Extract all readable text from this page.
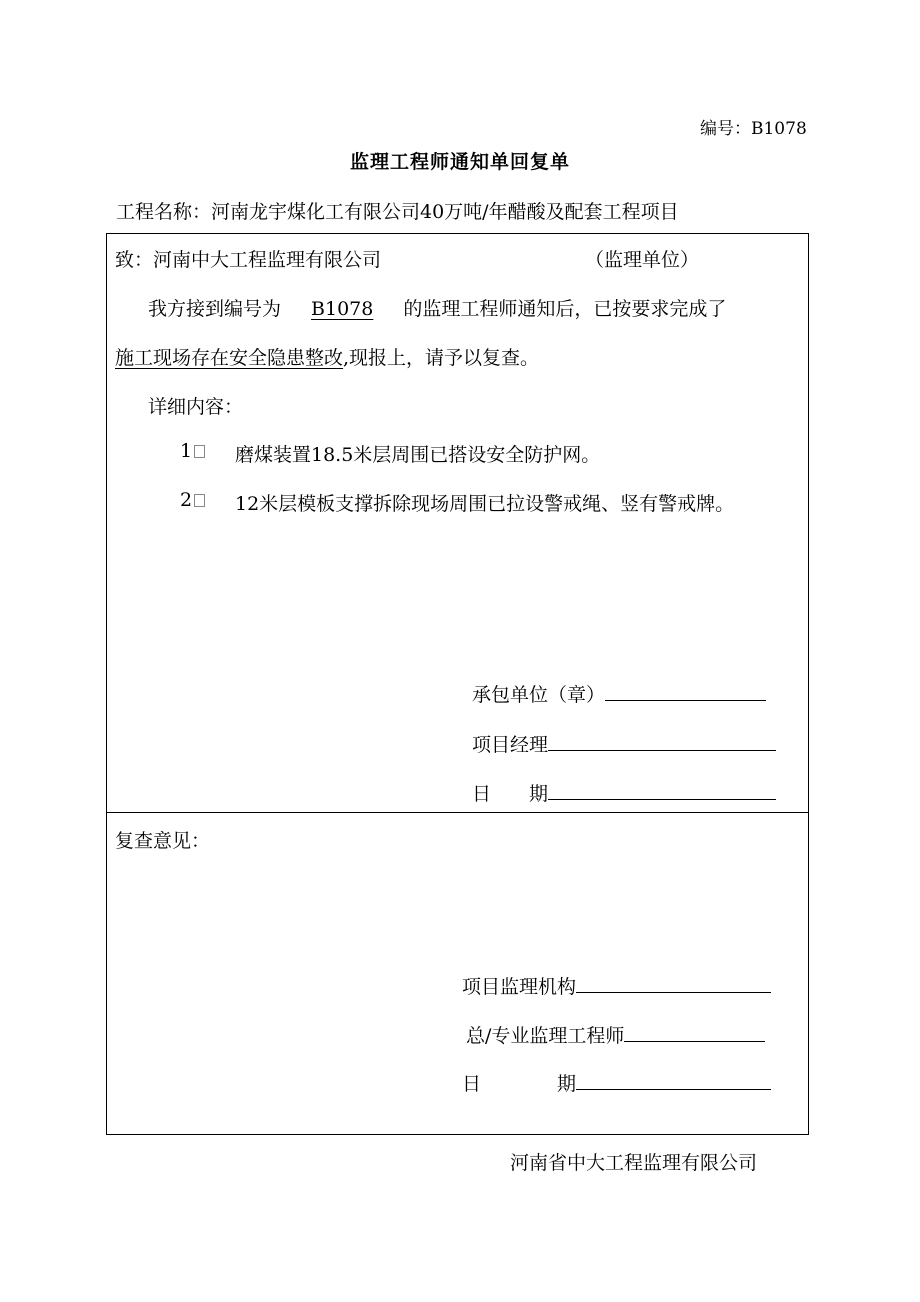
编号：B1078
监理工程师通知单回复单
工程名称：河南龙宇煤化工有限公司40万吨/年醋酸及配套工程项目
致：河南中大工程监理有限公司	（监理单位）
我方接到编号为 B1078 的监理工程师通知后，已按要求完成了
施工现场存在安全隐患整改,现报上，请予以复查。
详细内容：
1	磨煤装置18.5米层周围已搭设安全防护网。
2	12米层模板支撑拆除现场周围已拉设警戒绳、竖有警戒牌。
承包单位（章）
项目经理
日　　期
复查意见：
项目监理机构
总/专业监理工程师
日　　　　期
河南省中大工程监理有限公司
